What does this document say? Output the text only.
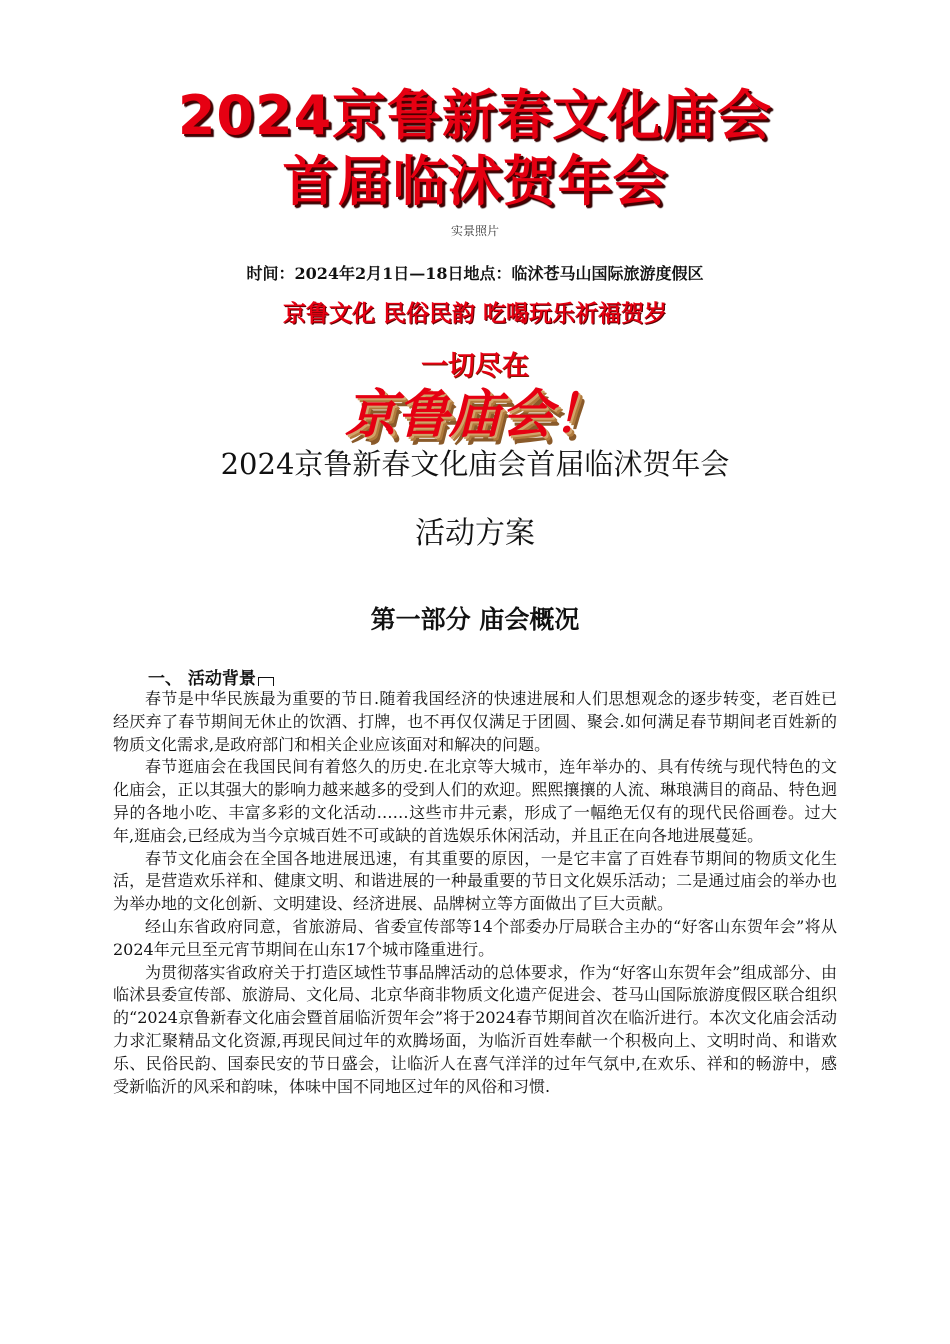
2024京鲁新春文化庙会
首届临沭贺年会
实景照片
时间：2024年2月1日—18日地点：临沭苍马山国际旅游度假区
京鲁文化 民俗民韵 吃喝玩乐祈福贺岁
一切尽在
京鲁庙会！
2024京鲁新春文化庙会首届临沭贺年会
活动方案
第一部分 庙会概况
一、 活动背景

春节是中华民族最为重要的节日.随着我国经济的快速进展和人们思想观念的逐步转变，老百姓已经厌弃了春节期间无休止的饮酒、打牌，也不再仅仅满足于团圆、聚会.如何满足春节期间老百姓新的物质文化需求,是政府部门和相关企业应该面对和解决的问题。

春节逛庙会在我国民间有着悠久的历史.在北京等大城市，连年举办的、具有传统与现代特色的文化庙会，正以其强大的影响力越来越多的受到人们的欢迎。熙熙攘攘的人流、琳琅满目的商品、特色迥异的各地小吃、丰富多彩的文化活动……这些市井元素，形成了一幅绝无仅有的现代民俗画卷。过大年,逛庙会,已经成为当今京城百姓不可或缺的首选娱乐休闲活动，并且正在向各地进展蔓延。

春节文化庙会在全国各地进展迅速，有其重要的原因，一是它丰富了百姓春节期间的物质文化生活，是营造欢乐祥和、健康文明、和谐进展的一种最重要的节日文化娱乐活动；二是通过庙会的举办也为举办地的文化创新、文明建设、经济进展、品牌树立等方面做出了巨大贡献。

经山东省政府同意，省旅游局、省委宣传部等14个部委办厅局联合主办的“好客山东贺年会”将从2024年元旦至元宵节期间在山东17个城市隆重进行。

为贯彻落实省政府关于打造区域性节事品牌活动的总体要求，作为“好客山东贺年会”组成部分、由临沭县委宣传部、旅游局、文化局、北京华商非物质文化遗产促进会、苍马山国际旅游度假区联合组织的“2024京鲁新春文化庙会暨首届临沂贺年会”将于2024春节期间首次在临沂进行。本次文化庙会活动力求汇聚精品文化资源,再现民间过年的欢腾场面，为临沂百姓奉献一个积极向上、文明时尚、和谐欢乐、民俗民韵、国泰民安的节日盛会，让临沂人在喜气洋洋的过年气氛中,在欢乐、祥和的畅游中，感受新临沂的风采和韵味，体味中国不同地区过年的风俗和习惯.
